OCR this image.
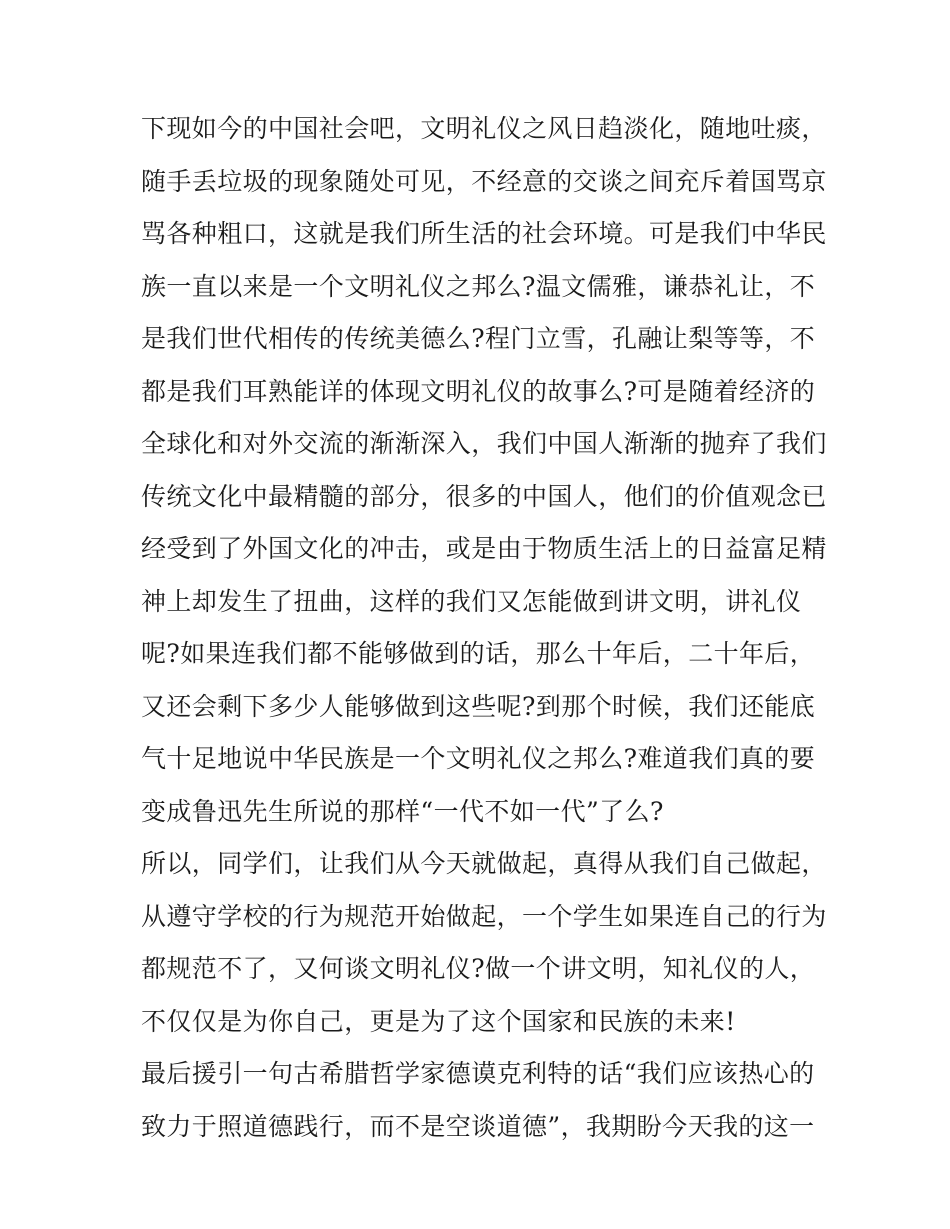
下现如今的中国社会吧，文明礼仪之风日趋淡化，随地吐痰，
随手丢垃圾的现象随处可见，不经意的交谈之间充斥着国骂京
骂各种粗口，这就是我们所生活的社会环境。可是我们中华民
族一直以来是一个文明礼仪之邦么?温文儒雅，谦恭礼让，不
是我们世代相传的传统美德么?程门立雪，孔融让梨等等，不
都是我们耳熟能详的体现文明礼仪的故事么?可是随着经济的
全球化和对外交流的渐渐深入，我们中国人渐渐的抛弃了我们
传统文化中最精髓的部分，很多的中国人，他们的价值观念已
经受到了外国文化的冲击，或是由于物质生活上的日益富足精
神上却发生了扭曲，这样的我们又怎能做到讲文明，讲礼仪
呢?如果连我们都不能够做到的话，那么十年后，二十年后，
又还会剩下多少人能够做到这些呢?到那个时候，我们还能底
气十足地说中华民族是一个文明礼仪之邦么?难道我们真的要
变成鲁迅先生所说的那样“一代不如一代”了么?
所以，同学们，让我们从今天就做起，真得从我们自己做起，
从遵守学校的行为规范开始做起，一个学生如果连自己的行为
都规范不了，又何谈文明礼仪?做一个讲文明，知礼仪的人，
不仅仅是为你自己，更是为了这个国家和民族的未来!
最后援引一句古希腊哲学家德谟克利特的话“我们应该热心的
致力于照道德践行，而不是空谈道德”，我期盼今天我的这一
